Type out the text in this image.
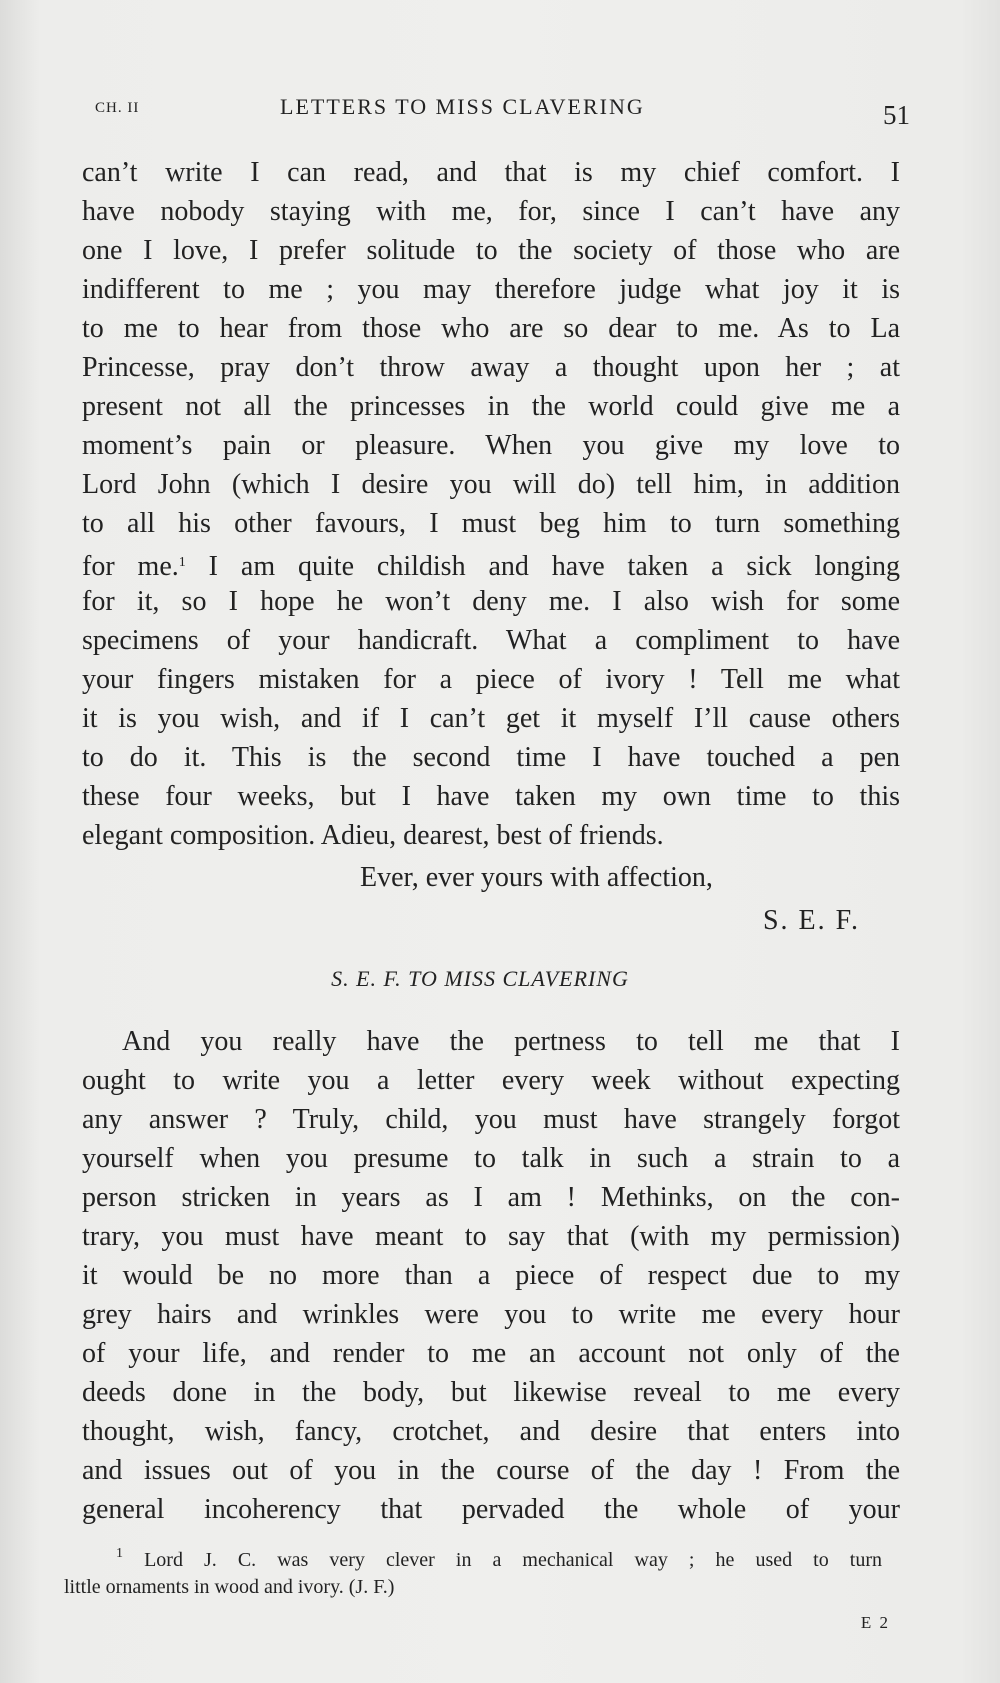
CH. II	LETTERS TO MISS CLAVERING	51
can’t write I can read, and that is my chief comfort. I
have nobody staying with me, for, since I can’t have any
one I love, I prefer solitude to the society of those who are
indifferent to me ; you may therefore judge what joy it is
to me to hear from those who are so dear to me. As to La
Princesse, pray don’t throw away a thought upon her ; at
present not all the princesses in the world could give me a
moment’s pain or pleasure. When you give my love to
Lord John (which I desire you will do) tell him, in addition
to all his other favours, I must beg him to turn something
for me.$^1$ I am quite childish and have taken a sick longing
for it, so I hope he won’t deny me. I also wish for some
specimens of your handicraft. What a compliment to have
your fingers mistaken for a piece of ivory ! Tell me what
it is you wish, and if I can’t get it myself I’ll cause others
to do it. This is the second time I have touched a pen
these four weeks, but I have taken my own time to this
elegant composition. Adieu, dearest, best of friends.
Ever, ever yours with affection,
S. E. F.
S. E. F. TO MISS CLAVERING
And you really have the pertness to tell me that I
ought to write you a letter every week without expecting
any answer ? Truly, child, you must have strangely forgot
yourself when you presume to talk in such a strain to a
person stricken in years as I am ! Methinks, on the con-
trary, you must have meant to say that (with my permission)
it would be no more than a piece of respect due to my
grey hairs and wrinkles were you to write me every hour
of your life, and render to me an account not only of the
deeds done in the body, but likewise reveal to me every
thought, wish, fancy, crotchet, and desire that enters into
and issues out of you in the course of the day ! From the
general incoherency that pervaded the whole of your
$^1$ Lord J. C. was very clever in a mechanical way ; he used to turn
little ornaments in wood and ivory. (J. F.)
E 2
